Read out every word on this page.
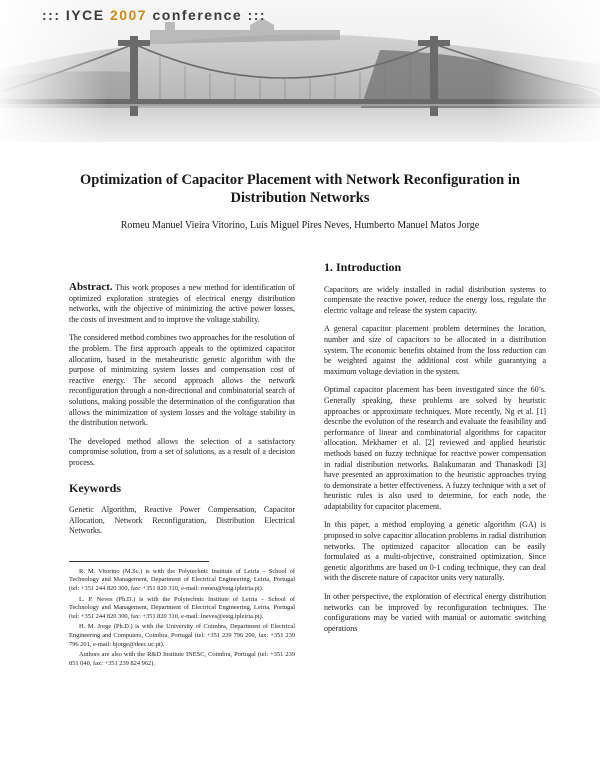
::: IYCE 2007 conference :::
Optimization of Capacitor Placement with Network Reconfiguration in Distribution Networks
Romeu Manuel Vieira Vitorino, Luís Miguel Pires Neves, Humberto Manuel Matos Jorge

Abstract. This work proposes a new method for identification of optimized exploration strategies of electrical energy distribution networks, with the objective of minimizing the active power losses, the costs of investment and to improve the voltage stability.

The considered method combines two approaches for the resolution of the problem. The first approach appeals to the optimized capacitor allocation, based in the metaheuristic genetic algorithm with the purpose of minimizing system losses and compensation cost of reactive energy. The second approach allows the network reconfiguration through a non-directional and combinatorial search of solutions, making possible the determination of the configuration that allows the minimization of system losses and the voltage stability in the distribution network.

The developed method allows the selection of a satisfactory compromise solution, from a set of solutions, as a result of a decision process.

Keywords

Genetic Algorithm, Reactive Power Compensation, Capacitor Allocation, Network Reconfiguration, Distribution Electrical Networks.

R. M. Vitorino (M.Sc.) is with the Polytechnic Institute of Leiria – School of Technology and Management, Department of Electrical Engineering, Leiria, Portugal (tel: +351 244 820 300, fax: +351 820 310, e-mail: romeu@estg.ipleiria.pt).

L. P. Neves (Ph.D.) is with the Polytechnic Institute of Leiria – School of Technology and Management, Department of Electrical Engineering, Leiria, Portugal (tel: +351 244 820 300, fax: +351 820 310, e-mail: lneves@estg.ipleiria.pt).

H. M. Jorge (Ph.D.) is with the University of Coimbra, Department of Electrical Engineering and Computers, Coimbra, Portugal (tel: +351 239 796 200, fax: +351 239 796 201, e-mail: hjorge@deec.uc.pt).

Authors are also with the R&D Institute INESC, Coimbra, Portugal (tel: +351 239 851 040, fax: +351 239 824 962).

1. Introduction

Capacitors are widely installed in radial distribution systems to compensate the reactive power, reduce the energy loss, regulate the electric voltage and release the system capacity.

A general capacitor placement problem determines the location, number and size of capacitors to be allocated in a distribution system. The economic benefits obtained from the loss reduction can be weighted against the additional cost while guarantying a maximum voltage deviation in the system.

Optimal capacitor placement has been investigated since the 60’s. Generally speaking, these problems are solved by heuristic approaches or approximate techniques. More recently, Ng et al. [1] describe the evolution of the research and evaluate the feasibility and performance of linear and combinatorial algorithms for capacitor allocation. Mekhamer et al. [2] reviewed and applied heuristic methods based on fuzzy technique for reactive power compensation in radial distribution networks. Balakumaran and Thanaskodi [3] have presented an approximation to the heuristic approaches trying to demonstrate a better effectiveness. A fuzzy technique with a set of heuristic rules is also used to determine, for each node, the adaptability for capacitor placement.

In this paper, a method employing a genetic algorithm (GA) is proposed to solve capacitor allocation problems in radial distribution networks. The optimized capacitor allocation can be easily formulated as a multi-objective, constrained optimization. Since genetic algorithms are based on 0-1 coding technique, they can deal with the discrete nature of capacitor units very naturally.

In other perspective, the exploration of electrical energy distribution networks can be improved by reconfiguration techniques. The configurations may be varied with manual or automatic switching operations
